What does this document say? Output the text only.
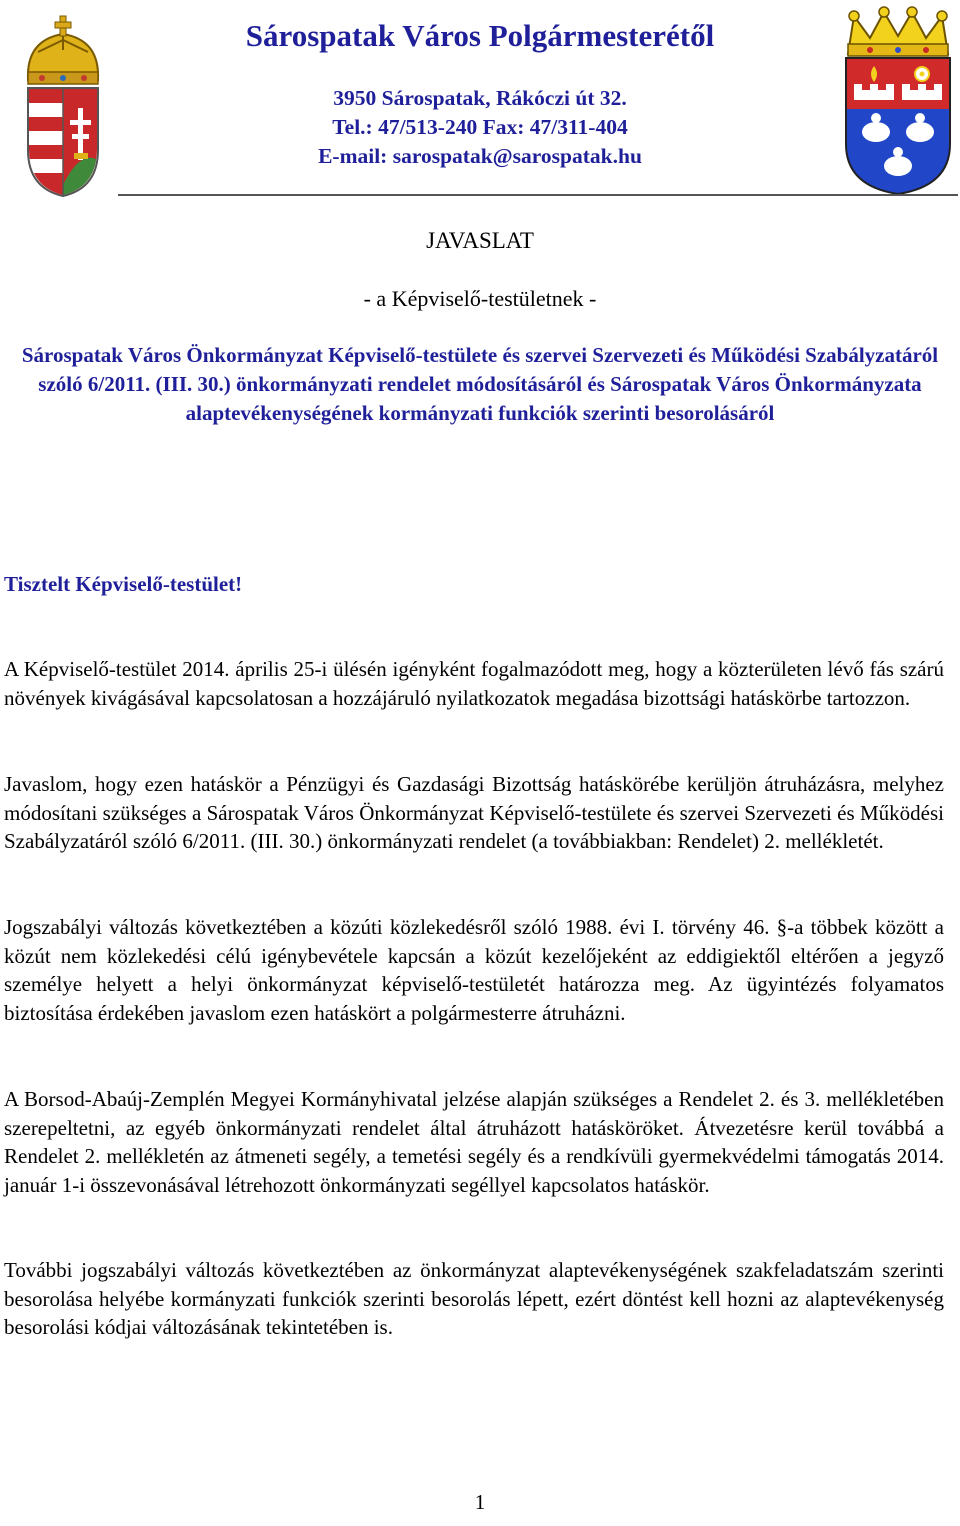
Sárospatak Város Polgármesterétől
3950 Sárospatak, Rákóczi út 32.
Tel.: 47/513-240 Fax: 47/311-404
E-mail: sarospatak@sarospatak.hu
JAVASLAT
- a Képviselő-testületnek -
Sárospatak Város Önkormányzat Képviselő-testülete és szervei Szervezeti és Működési Szabályzatáról szóló 6/2011. (III. 30.) önkormányzati rendelet módosításáról és Sárospatak Város Önkormányzata alaptevékenységének kormányzati funkciók szerinti besorolásáról
Tisztelt Képviselő-testület!

A Képviselő-testület 2014. április 25-i ülésén igényként fogalmazódott meg, hogy a közterületen lévő fás szárú növények kivágásával kapcsolatosan a hozzájáruló nyilatkozatok megadása bizottsági hatáskörbe tartozzon.

Javaslom, hogy ezen hatáskör a Pénzügyi és Gazdasági Bizottság hatáskörébe kerüljön átruházásra, melyhez módosítani szükséges a Sárospatak Város Önkormányzat Képviselő-testülete és szervei Szervezeti és Működési Szabályzatáról szóló 6/2011. (III. 30.) önkormányzati rendelet (a továbbiakban: Rendelet) 2. mellékletét.

Jogszabályi változás következtében a közúti közlekedésről szóló 1988. évi I. törvény 46. §-a többek között a közút nem közlekedési célú igénybevétele kapcsán a közút kezelőjeként az eddigiektől eltérően a jegyző személye helyett a helyi önkormányzat képviselő-testületét határozza meg. Az ügyintézés folyamatos biztosítása érdekében javaslom ezen hatáskört a polgármesterre átruházni.

A Borsod-Abaúj-Zemplén Megyei Kormányhivatal jelzése alapján szükséges a Rendelet 2. és 3. mellékletében szerepeltetni, az egyéb önkormányzati rendelet által átruházott hatásköröket. Átvezetésre kerül továbbá a Rendelet 2. mellékletén az átmeneti segély, a temetési segély és a rendkívüli gyermekvédelmi támogatás 2014. január 1-i összevonásával létrehozott önkormányzati segéllyel kapcsolatos hatáskör.

További jogszabályi változás következtében az önkormányzat alaptevékenységének szakfeladatszám szerinti besorolása helyébe kormányzati funkciók szerinti besorolás lépett, ezért döntést kell hozni az alaptevékenység besorolási kódjai változásának tekintetében is.

1
